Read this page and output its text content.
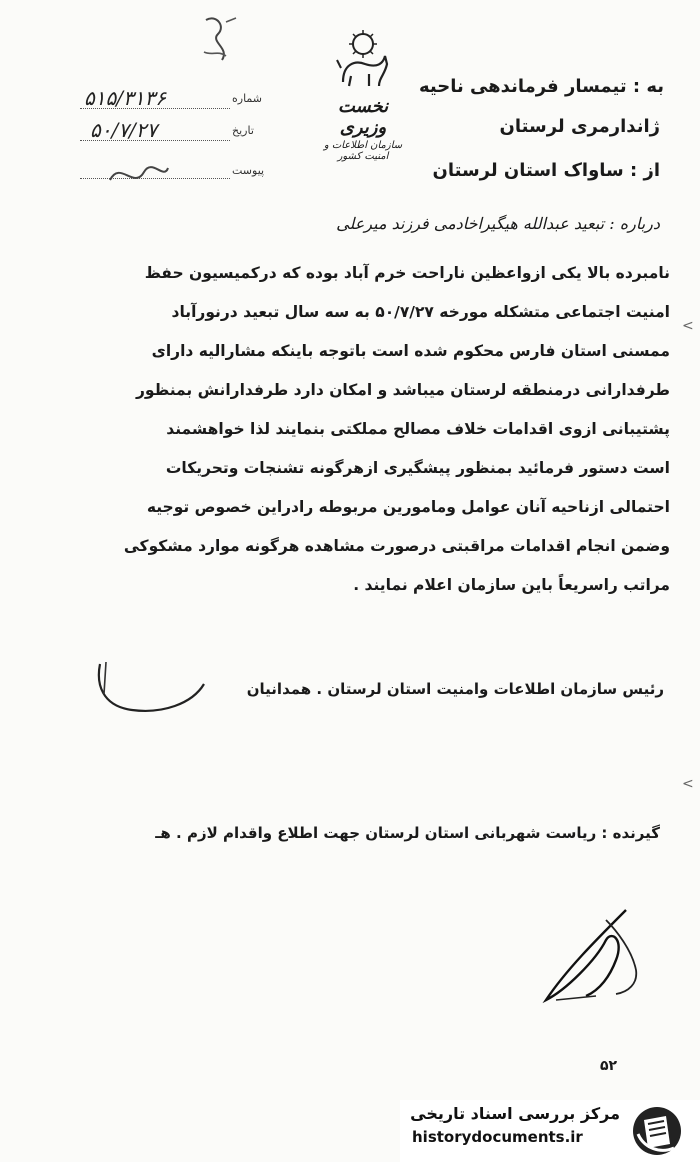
۵۱۵/۳۱۳۶	شماره
۵۰/۷/۲۷	تاریخ
پیوست
نخست وزیری
سازمان اطلاعات و امنیت کشور
به : تیمسار فرماندهی ناحیه
ژاندارمری لرستان
از : ساواک استان لرستان
درباره : تبعید عبدالله هیگیراخادمی فرزند میرعلی
<
<
نامبرده بالا یکی ازواعظین ناراحت خرم آباد بوده که درکمیسیون حفظ
امنیت اجتماعی متشکله مورخه ۵۰/۷/۲۷ به سه سال تبعید درنورآباد
ممسنی استان فارس محکوم شده است باتوجه باینکه مشارالیه دارای
طرفدارانی درمنطقه لرستان میباشد و امکان دارد طرفدارانش بمنظور
پشتیبانی ازوی اقدامات خلاف مصالح مملکتی بنمایند لذا خواهشمند
است دستور فرمائید بمنظور پیشگیری ازهرگونه تشنجات وتحریکات
احتمالی ازناحیه آنان عوامل ومامورین مربوطه رادراین خصوص توجیه
وضمن انجام اقدامات مراقبتی درصورت مشاهده هرگونه موارد مشکوکی
مراتب راسریعاً باین سازمان اعلام نمایند .
رئیس سازمان اطلاعات وامنیت استان لرستان . همدانیان
گیرنده : ریاست شهربانی استان لرستان جهت اطلاع واقدام لازم . هـ
۵۲
مرکز بررسی اسناد تاریخی
historydocuments.ir
